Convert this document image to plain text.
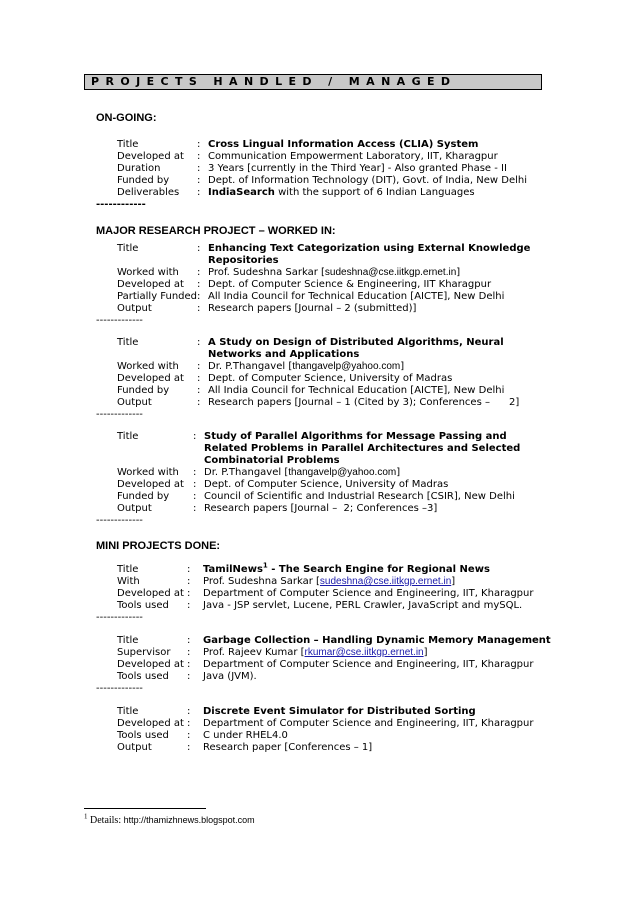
PROJECTS HANDLED / MANAGED
ON-GOING:
Title	: Cross Lingual Information Access (CLIA) System
Developed at : Communication Empowerment Laboratory, IIT, Kharagpur
Duration	: 3 Years [currently in the Third Year] - Also granted Phase - II
Funded by	: Dept. of Information Technology (DIT), Govt. of India, New Delhi
Deliverables : IndiaSearch with the support of 6 Indian Languages
------------
MAJOR RESEARCH PROJECT – WORKED IN:
Title	: Enhancing Text Categorization using External Knowledge Repositories
Worked with : Prof. Sudeshna Sarkar [sudeshna@cse.iitkgp.ernet.in]
Developed at : Dept. of Computer Science & Engineering, IIT Kharagpur
Partially Funded: All India Council for Technical Education [AICTE], New Delhi
Output	: Research papers [Journal – 2 (submitted)]
-------------
Title	: A Study on Design of Distributed Algorithms, Neural Networks and Applications
Worked with : Dr. P.Thangavel [thangavelp@yahoo.com]
Developed at : Dept. of Computer Science, University of Madras
Funded by	: All India Council for Technical Education [AICTE], New Delhi
Output	: Research papers [Journal – 1 (Cited by 3); Conferences –      2]
-------------
Title	: Study of Parallel Algorithms for Message Passing and Related Problems in Parallel Architectures and Selected Combinatorial Problems
Worked with : Dr. P.Thangavel [thangavelp@yahoo.com]
Developed at : Dept. of Computer Science, University of Madras
Funded by : Council of Scientific and Industrial Research [CSIR], New Delhi
Output	: Research papers [Journal –  2; Conferences –3]
-------------
MINI PROJECTS DONE:
Title	: TamilNews$^1$ - The Search Engine for Regional News
With	: Prof. Sudeshna Sarkar [sudeshna@cse.iitkgp.ernet.in]
Developed at : Department of Computer Science and Engineering, IIT, Kharagpur
Tools used : Java - JSP servlet, Lucene, PERL Crawler, JavaScript and mySQL.
-------------
Title	: Garbage Collection – Handling Dynamic Memory Management
Supervisor : Prof. Rajeev Kumar [rkumar@cse.iitkgp.ernet.in]
Developed at : Department of Computer Science and Engineering, IIT, Kharagpur
Tools used : Java (JVM).
-------------
Title	: Discrete Event Simulator for Distributed Sorting
Developed at : Department of Computer Science and Engineering, IIT, Kharagpur
Tools used : C under RHEL4.0
Output	: Research paper [Conferences – 1]
$^1$ Details: http://thamizhnews.blogspot.com
